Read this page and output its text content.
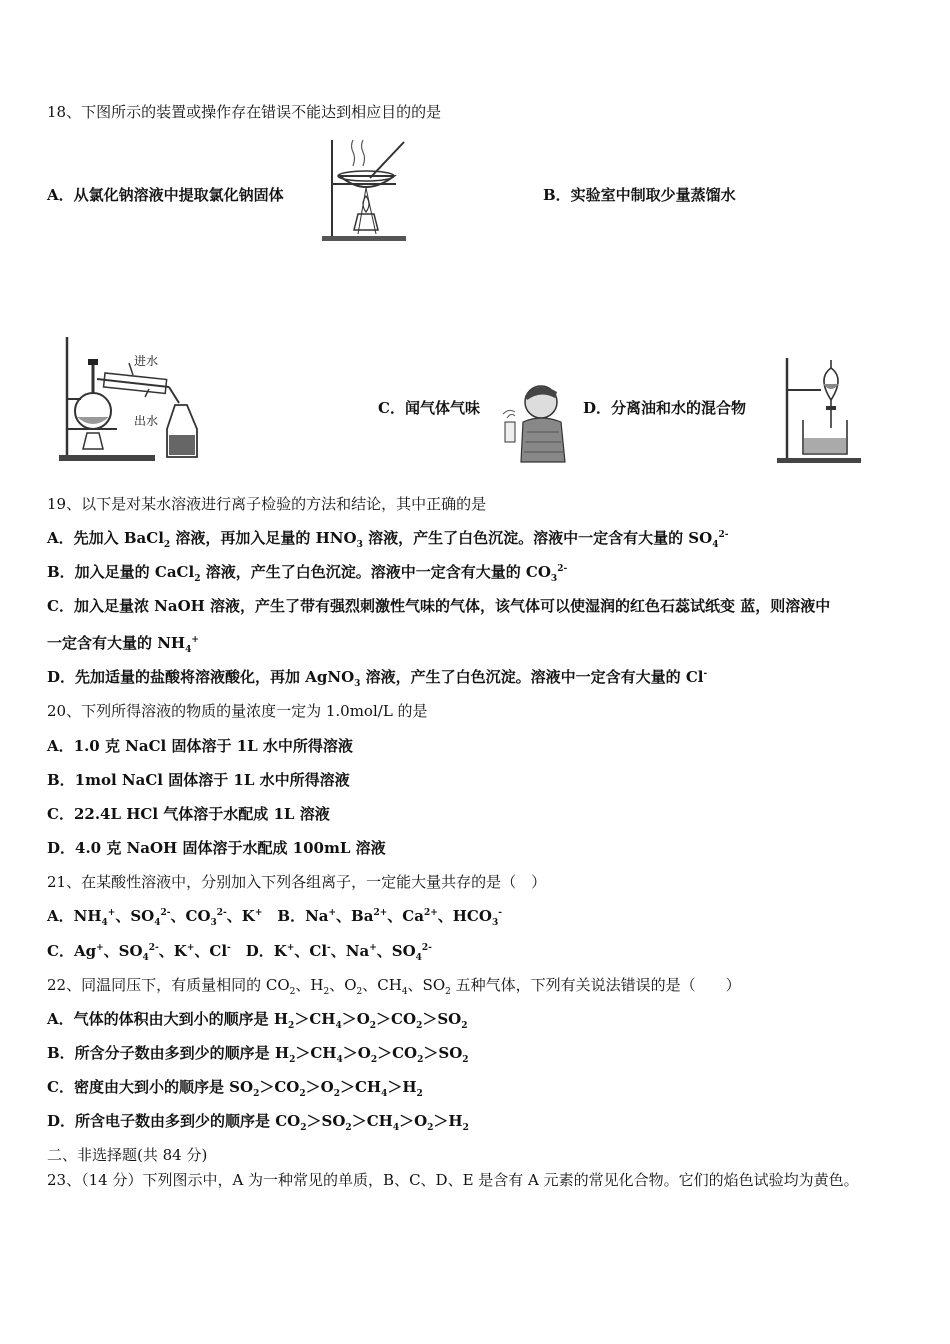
18、下图所示的装置或操作存在错误不能达到相应目的的是
A．从氯化钠溶液中提取氯化钠固体	B．实验室中制取少量蒸馏水
进水
出水
C．闻气体气味	D．分离油和水的混合物
19、以下是对某水溶液进行离子检验的方法和结论，其中正确的是
A．先加入 BaCl$_2$ 溶液，再加入足量的 $HNO_3$ 溶液，产生了白色沉淀。溶液中一定含有大量的 $SO_4^{2-}$
B．加入足量的 CaCl$_2$ 溶液，产生了白色沉淀。溶液中一定含有大量的 $CO_3^{2-}$
C．加入足量浓 NaOH 溶液，产生了带有强烈刺激性气味的气体，该气体可以使湿润的红色石蕊试纸变 蓝，则溶液中
一定含有大量的 $NH_4^+$
D．先加适量的盐酸将溶液酸化，再加 AgNO$_3$ 溶液，产生了白色沉淀。溶液中一定含有大量的 Cl-
20、下列所得溶液的物质的量浓度一定为 1.0mol/L 的是
A．1.0 克 NaCl 固体溶于 1L 水中所得溶液
B．1mol NaCl 固体溶于 1L 水中所得溶液
C．22.4L HCl 气体溶于水配成 1L 溶液
D．4.0 克 NaOH 固体溶于水配成 100mL 溶液
21、在某酸性溶液中，分别加入下列各组离子，一定能大量共存的是（　）
A．$NH_4^+$、$SO_4^{2-}$、$CO_3^{2-}$、K+　B．Na+、$Ba^{2+}$、$Ca^{2+}$、$HCO_3^-$
C．Ag+、$SO_4^{2-}$、K+、Cl-　D．K+、Cl-、Na+、$SO_4^{2-}$
22、同温同压下，有质量相同的 $CO_2$、$H_2$、$O_2$、$CH_4$、$SO_2$ 五种气体，下列有关说法错误的是（　　）
A．气体的体积由大到小的顺序是 $H_2>CH_4>O_2>CO_2>SO_2$
B．所含分子数由多到少的顺序是 $H_2>CH_4>O_2>CO_2>SO_2$
C．密度由大到小的顺序是 $SO_2>CO_2>O_2>CH_4>H_2$
D．所含电子数由多到少的顺序是 $CO_2>SO_2>CH_4>O_2>H_2$
二、非选择题(共 84 分)
23、（14 分）下列图示中，A 为一种常见的单质，B、C、D、E 是含有 A 元素的常见化合物。它们的焰色试验均为黄色。
